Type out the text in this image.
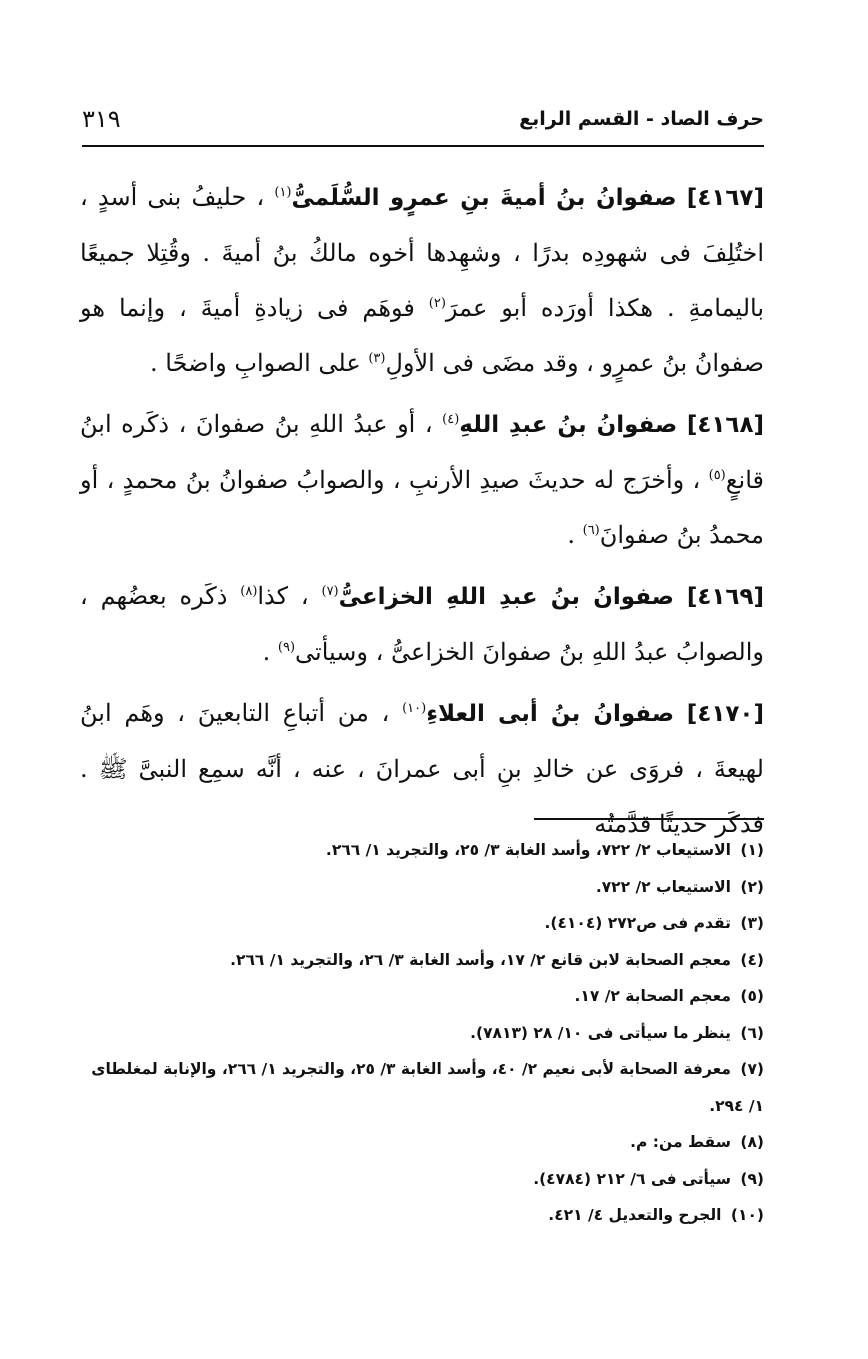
حرف الصاد - القسم الرابع
٣١٩

[٤١٦٧] صفوانُ بنُ أميةَ بنِ عمرٍو السُّلَمىُّ$^{(١)}$ ، حليفُ بنى أسدٍ ، اختُلِفَ فى شهودِه بدرًا ، وشهِدها أخوه مالكُ بنُ أميةَ . وقُتِلا جميعًا باليمامةِ . هكذا أورَده أبو عمرَ$^{(٢)}$ فوهَم فى زيادةِ أميةَ ، وإنما هو صفوانُ بنُ عمرٍو ، وقد مضَى فى الأولِ$^{(٣)}$ على الصوابِ واضحًا .

[٤١٦٨] صفوانُ بنُ عبدِ اللهِ$^{(٤)}$ ، أو عبدُ اللهِ بنُ صفوانَ ، ذكَره ابنُ قانعٍ$^{(٥)}$ ، وأخرَج له حديثَ صيدِ الأرنبِ ، والصوابُ صفوانُ بنُ محمدٍ ، أو محمدُ بنُ صفوانَ$^{(٦)}$ .

[٤١٦٩] صفوانُ بنُ عبدِ اللهِ الخزاعىُّ$^{(٧)}$ ، كذا$^{(٨)}$ ذكَره بعضُهم ، والصوابُ عبدُ اللهِ بنُ صفوانَ الخزاعىُّ ، وسيأتى$^{(٩)}$ .

[٤١٧٠] صفوانُ بنُ أبى العلاءِ$^{(١٠)}$ ، من أتباعِ التابعينَ ، وهَم ابنُ لهيعةَ ، فروَى عن خالدِ بنِ أبى عمرانَ ، عنه ، أنَّه سمِع النبىَّ ﷺ . فذكَر حديثًا قدَّمتُه

(١) الاستيعاب ٢/ ٧٢٢، وأسد الغابة ٣/ ٢٥، والتجريد ١/ ٢٦٦.

(٢) الاستيعاب ٢/ ٧٢٢.

(٣) تقدم فى ص٢٧٢ (٤١٠٤).

(٤) معجم الصحابة لابن قانع ٢/ ١٧، وأسد الغابة ٣/ ٢٦، والتجريد ١/ ٢٦٦.

(٥) معجم الصحابة ٢/ ١٧.

(٦) ينظر ما سيأتى فى ١٠/ ٢٨ (٧٨١٣).

(٧) معرفة الصحابة لأبى نعيم ٢/ ٤٠، وأسد الغابة ٣/ ٢٥، والتجريد ١/ ٢٦٦، والإنابة لمغلطاى ١/ ٢٩٤.

(٨) سقط من: م.

(٩) سيأتى فى ٦/ ٢١٢ (٤٧٨٤).

(١٠) الجرح والتعديل ٤/ ٤٢١.
